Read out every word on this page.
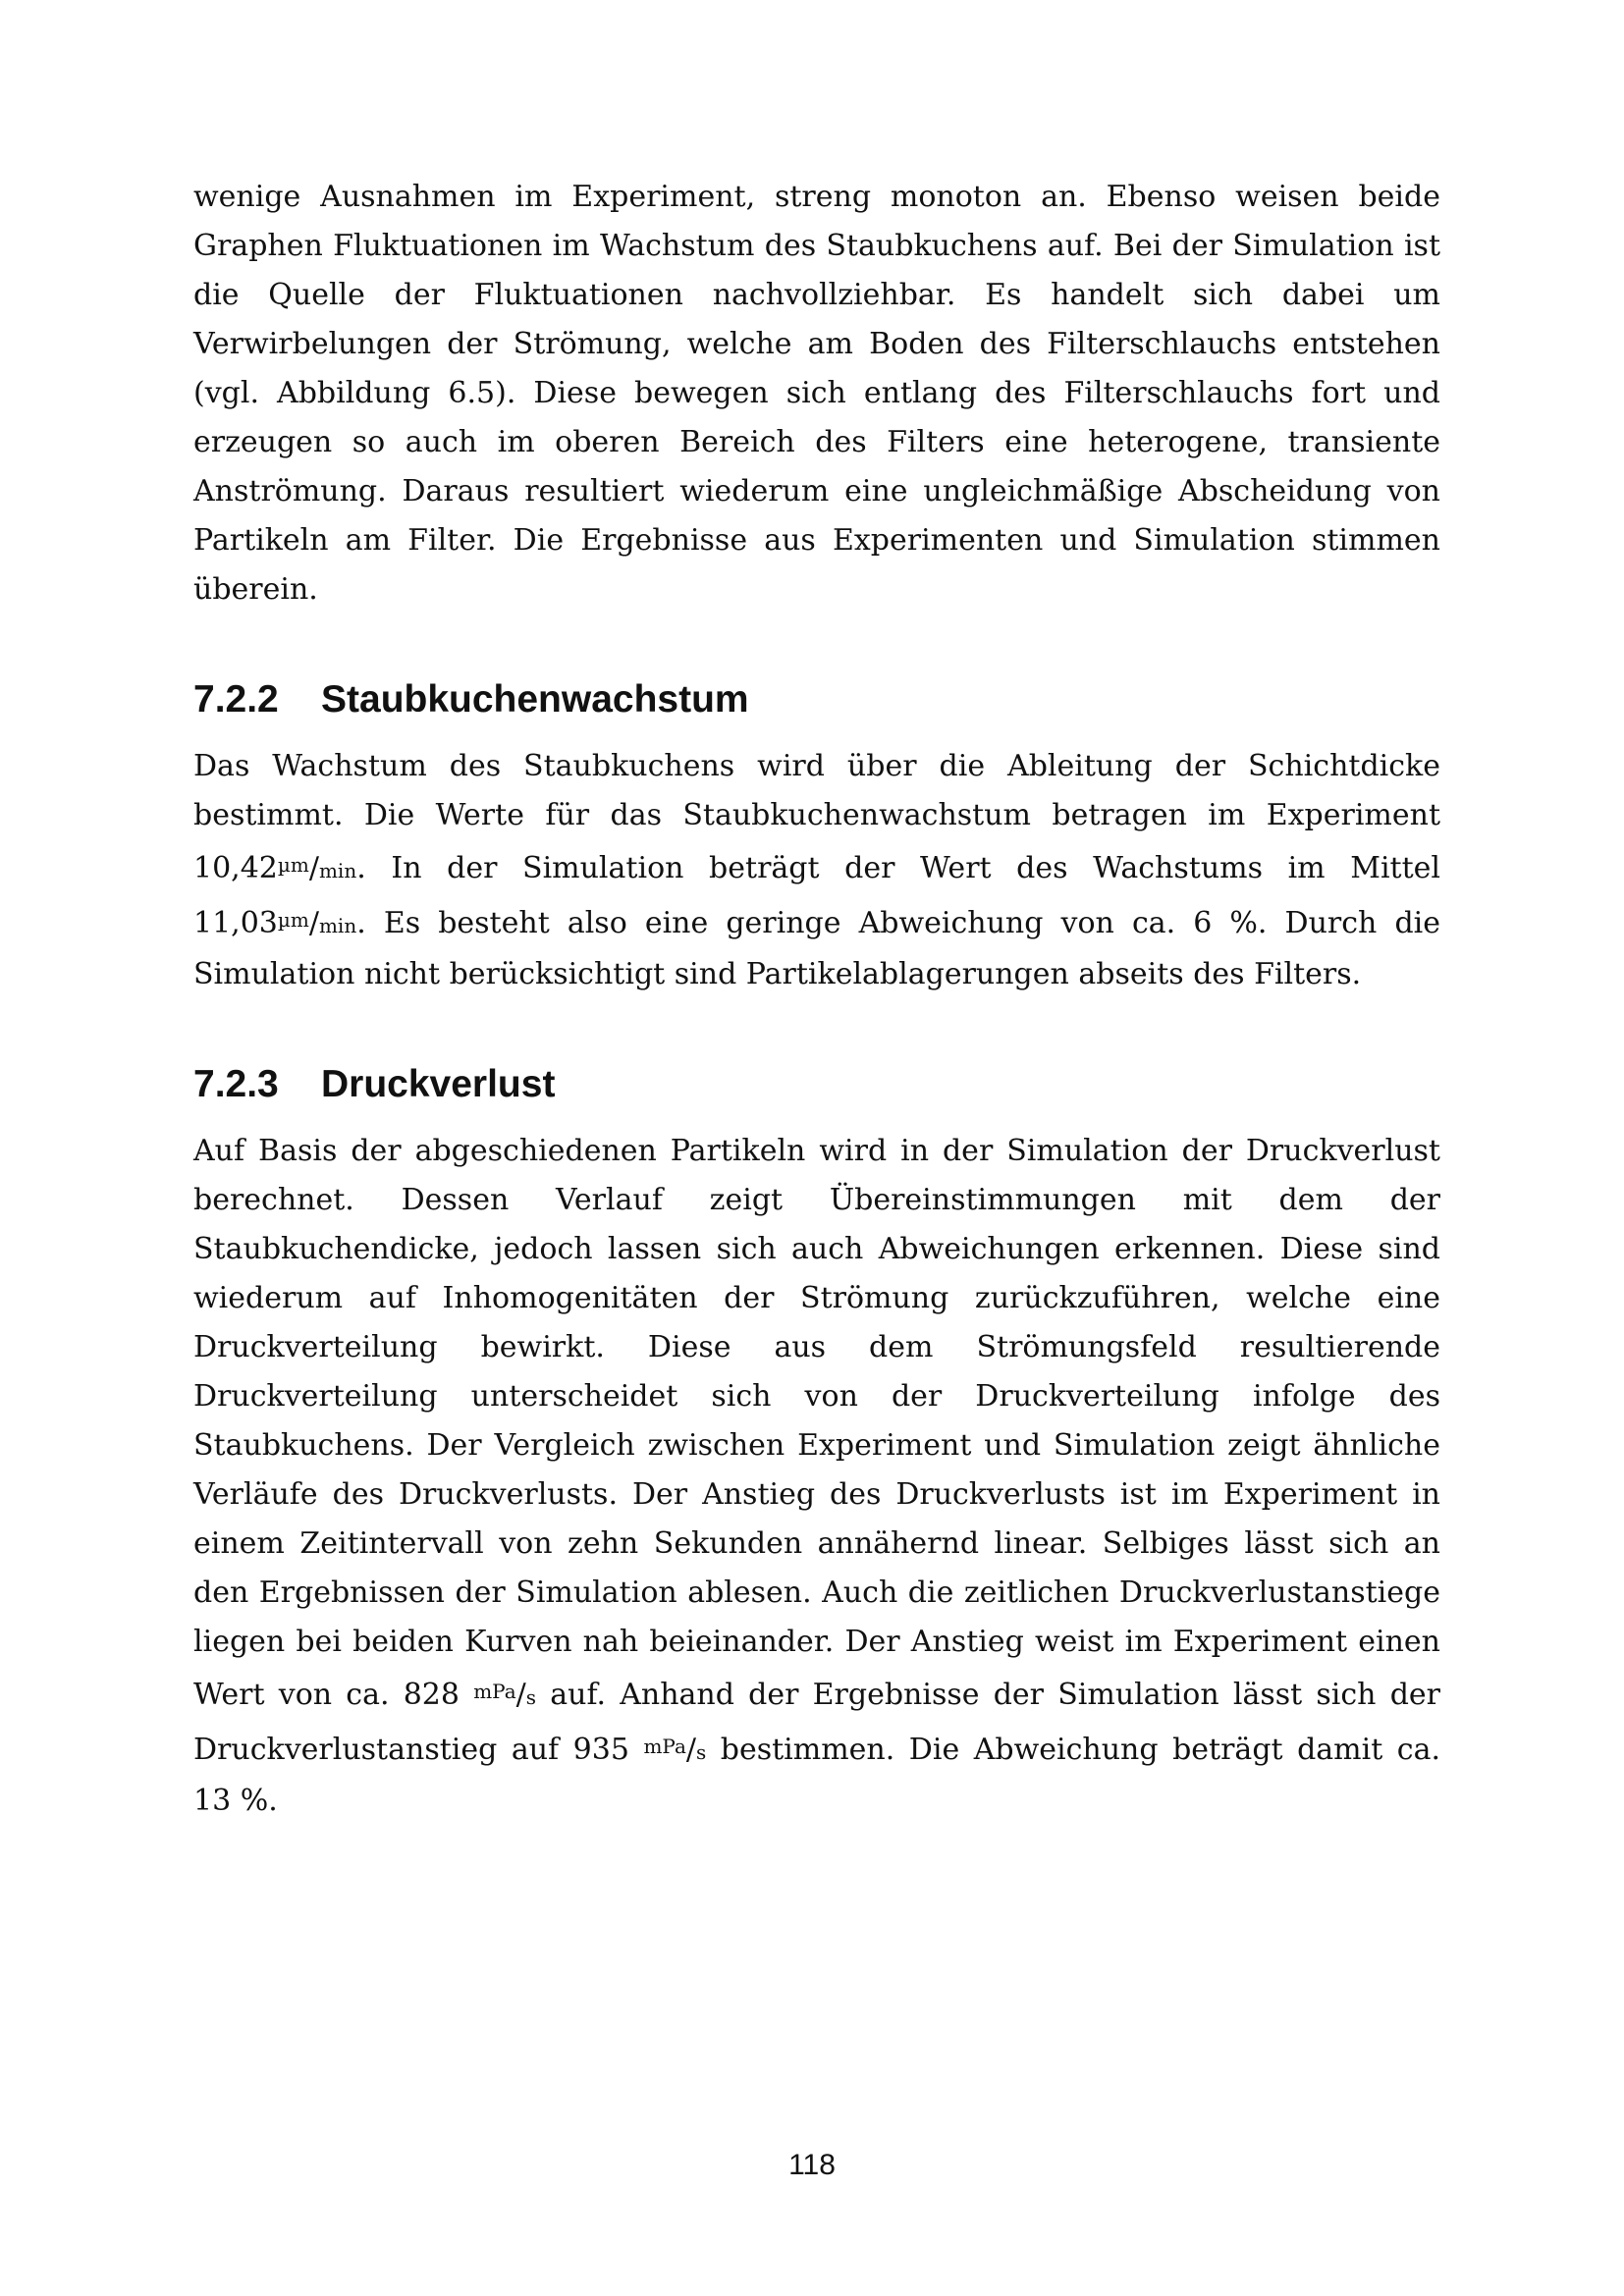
wenige Ausnahmen im Experiment, streng monoton an. Ebenso weisen beide Graphen Fluktuationen im Wachstum des Staubkuchens auf. Bei der Simulation ist die Quelle der Fluktuationen nachvollziehbar. Es handelt sich dabei um Verwirbelungen der Strömung, welche am Boden des Filterschlauchs entstehen (vgl. Abbildung 6.5). Diese bewegen sich entlang des Filterschlauchs fort und erzeugen so auch im oberen Bereich des Filters eine heterogene, transiente Anströmung. Daraus resultiert wiederum eine ungleichmäßige Abscheidung von Partikeln am Filter. Die Ergebnisse aus Experimenten und Simulation stimmen überein.

7.2.2 Staubkuchenwachstum

Das Wachstum des Staubkuchens wird über die Ableitung der Schichtdicke bestimmt. Die Werte für das Staubkuchenwachstum betragen im Experiment $10,42^{\mu m}/\min$. In der Simulation beträgt der Wert des Wachstums im Mittel $11,03^{\mu m}/\min$. Es besteht also eine geringe Abweichung von ca. 6 %. Durch die Simulation nicht berücksichtigt sind Partikelablagerungen abseits des Filters.

7.2.3 Druckverlust

Auf Basis der abgeschiedenen Partikeln wird in der Simulation der Druckverlust berechnet. Dessen Verlauf zeigt Übereinstimmungen mit dem der Staubkuchendicke, jedoch lassen sich auch Abweichungen erkennen. Diese sind wiederum auf Inhomogenitäten der Strömung zurückzuführen, welche eine Druckverteilung bewirkt. Diese aus dem Strömungsfeld resultierende Druckverteilung unterscheidet sich von der Druckverteilung infolge des Staubkuchens. Der Vergleich zwischen Experiment und Simulation zeigt ähnliche Verläufe des Druckverlusts. Der Anstieg des Druckverlusts ist im Experiment in einem Zeitintervall von zehn Sekunden annähernd linear. Selbiges lässt sich an den Ergebnissen der Simulation ablesen. Auch die zeitlichen Druckverlustanstiege liegen bei beiden Kurven nah beieinander. Der Anstieg weist im Experiment einen Wert von ca. 828 $^{mPa}$/s auf. Anhand der Ergebnisse der Simulation lässt sich der Druckverlustanstieg auf 935 $^{mPa}$/s bestimmen. Die Abweichung beträgt damit ca. 13 %.

118
